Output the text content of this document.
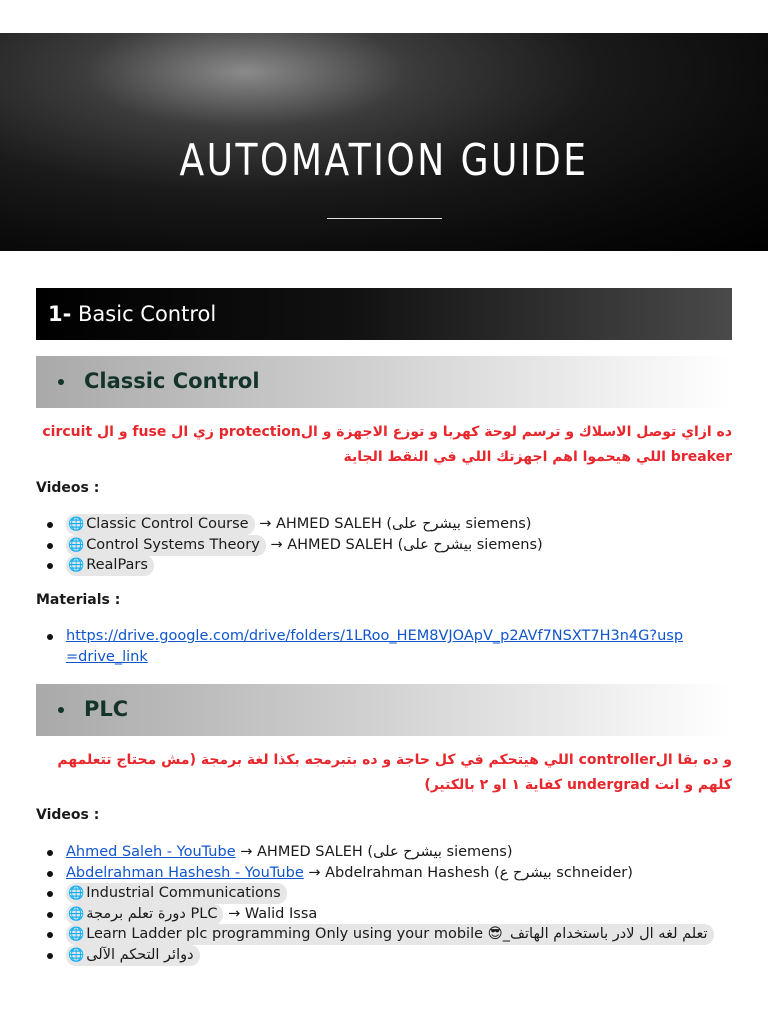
AUTOMATION GUIDE
1- Basic Control
Classic Control
ده ازاي توصل الاسلاك و ترسم لوحة كهربا و توزع الاجهزة و الprotection زي ال fuse و ال circuit breaker اللي هيحموا اهم اجهزتك اللي في النقط الجاية
Videos :
🌐 Classic Control Course → AHMED SALEH (بيشرح على siemens)
🌐 Control Systems Theory → AHMED SALEH (بيشرح على siemens)
🌐 RealPars
Materials :
https://drive.google.com/drive/folders/1LRoo_HEM8VJOApV_p2AVf7NSXT7H3n4G?usp=drive_link
PLC
و ده بقا الcontroller اللي هيتحكم في كل حاجة و ده بتبرمجه بكذا لغة برمجة (مش محتاج تتعلمهم كلهم و انت undergrad كفاية ١ او ٢ بالكتير)
Videos :
Ahmed Saleh - YouTube → AHMED SALEH (بيشرح على siemens)
Abdelrahman Hashesh - YouTube → Abdelrahman Hashesh (بيشرح ع schneider)
🌐 Industrial Communications
🌐 دورة تعلم برمجة PLC → Walid Issa
🌐 Learn Ladder plc programming Only using your mobile 😎_تعلم لغه ال لادر باستخدام الهاتف
🌐 دوائر التحكم الآلى
